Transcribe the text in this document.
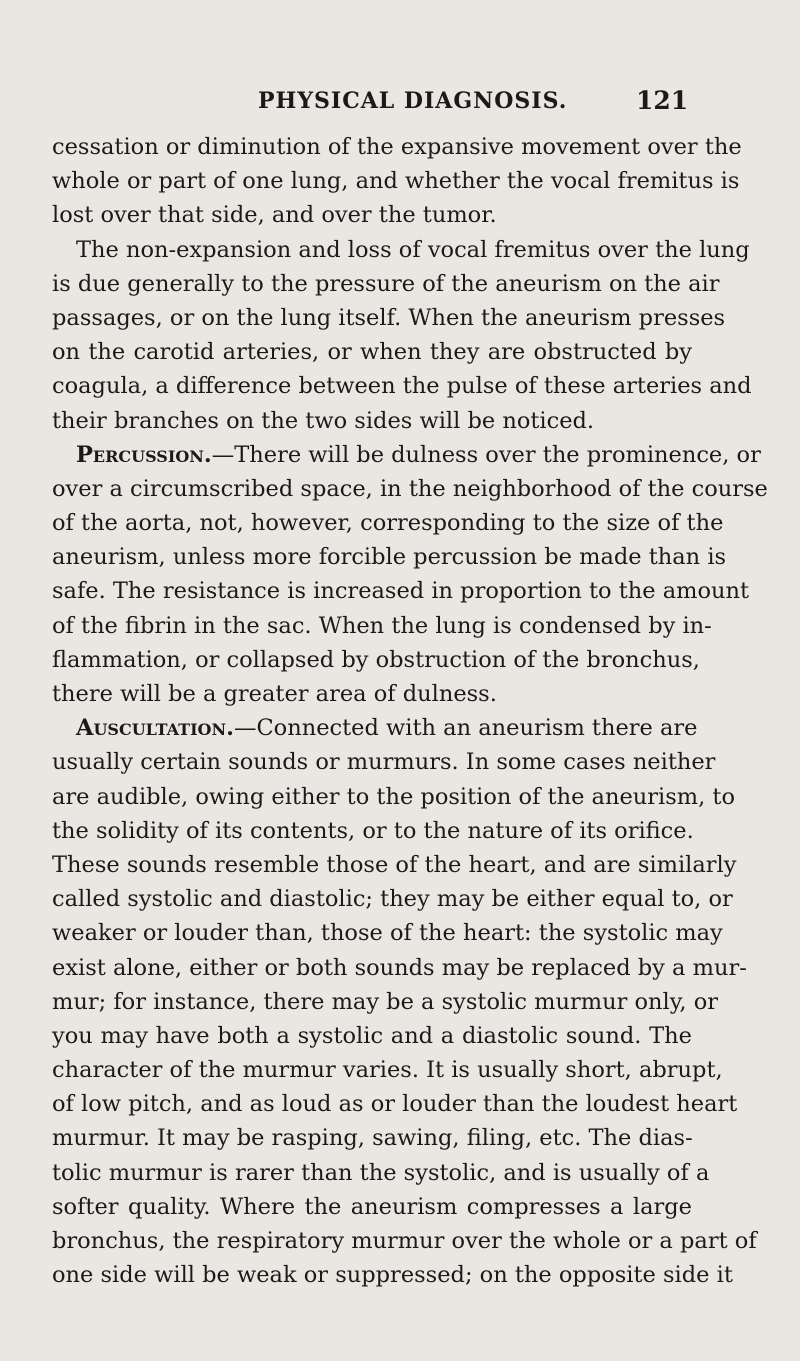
PHYSICAL DIAGNOSIS.	121
cessation or diminution of the expansive movement over the
whole or part of one lung, and whether the vocal fremitus is
lost over that side, and over the tumor.
The non-expansion and loss of vocal fremitus over the lung
is due generally to the pressure of the aneurism on the air
passages, or on the lung itself. When the aneurism presses
on the carotid arteries, or when they are obstructed by
coagula, a difference between the pulse of these arteries and
their branches on the two sides will be noticed.
Percussion.—There will be dulness over the prominence, or
over a circumscribed space, in the neighborhood of the course
of the aorta, not, however, corresponding to the size of the
aneurism, unless more forcible percussion be made than is
safe. The resistance is increased in proportion to the amount
of the fibrin in the sac. When the lung is condensed by in-
flammation, or collapsed by obstruction of the bronchus,
there will be a greater area of dulness.
Auscultation.—Connected with an aneurism there are
usually certain sounds or murmurs. In some cases neither
are audible, owing either to the position of the aneurism, to
the solidity of its contents, or to the nature of its orifice.
These sounds resemble those of the heart, and are similarly
called systolic and diastolic; they may be either equal to, or
weaker or louder than, those of the heart: the systolic may
exist alone, either or both sounds may be replaced by a mur-
mur; for instance, there may be a systolic murmur only, or
you may have both a systolic and a diastolic sound. The
character of the murmur varies. It is usually short, abrupt,
of low pitch, and as loud as or louder than the loudest heart
murmur. It may be rasping, sawing, filing, etc. The dias-
tolic murmur is rarer than the systolic, and is usually of a
softer quality. Where the aneurism compresses a large
bronchus, the respiratory murmur over the whole or a part of
one side will be weak or suppressed; on the opposite side it
